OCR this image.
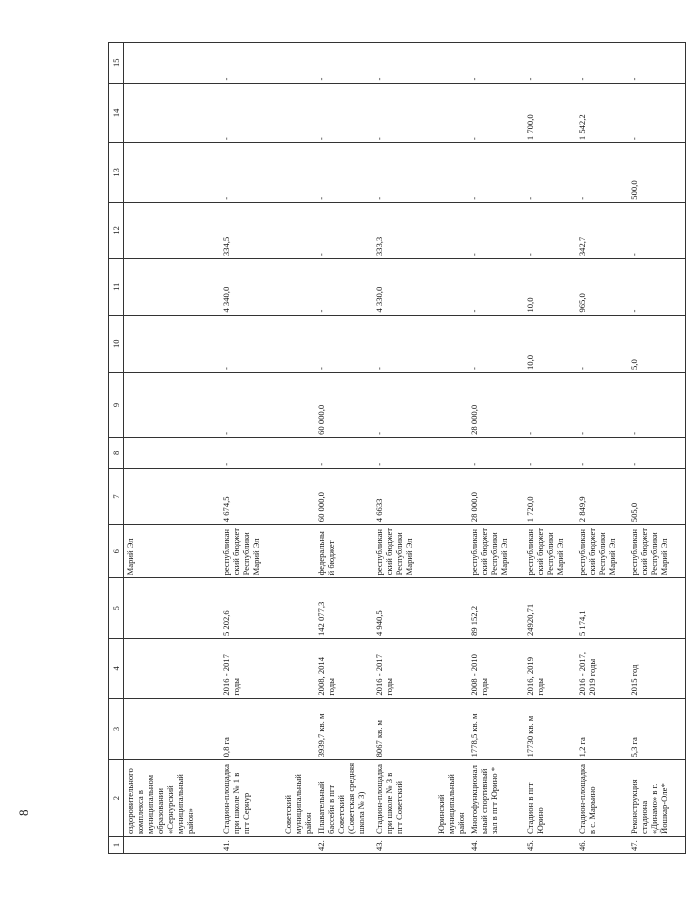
8
1	2	3	4	5	6	7	8	9	10	11	12	13	14	15
	оздоровительного комплекса в муниципальном образовании «Сернурский муниципальный район»				Марий Эл									
41.	Стадион-площадка при школе № 1 в пгт Сернур	0,8 га	2016 - 2017 годы	5 202,6	республиканский бюджет Республики Марий Эл	4 674,5	-	-	-	4 340,0	334,5	-	-	-
	Советский муниципальный район													
42.	Плавательный бассейн в пгт Советский (Советская средняя школа № 3)	3939,7 кв. м	2008, 2014 годы	142 077,3	федеральный бюджет	60 000,0	-	60 000,0	-	-	-	-	-	-
43.	Стадион-площадка при школе № 3 в пгт Советский	8067 кв. м	2016 - 2017 годы	4 940,5	республиканский бюджет Республики Марий Эл	4 6633	-	-	-	4 330,0	333,3	-	-	-
	Юринский муниципальный район													
44.	Многофункциональный спортивный зал в пгт Юрино *	1778,5 кв. м	2008 - 2010 годы	89 152,2	республиканский бюджет Республики Марий Эл	28 000,0	-	28 000,0	-	-	-	-	-	-
45.	Стадион в пгт Юрино	17730 кв. м	2016, 2019 годы	24920,71	республиканский бюджет Республики Марий Эл	1 720,0	-	-	10,0	10,0	-	-	1 700,0	-
46.	Стадион-площадка в с. Марьино	1,2 га	2016 - 2017, 2019 годы	5 174,1	республиканский бюджет Республики Марий Эл	2 849,9	-	-	-	965,0	342,7	-	1 542,2	-
47.	Реконструкция стадиона «Динамо» в г. Йошкар-Оле*	5,3 га	2015 год		республиканский бюджет Республики Марий Эл	505,0	-	-	5,0	-	-	500,0	-	-
